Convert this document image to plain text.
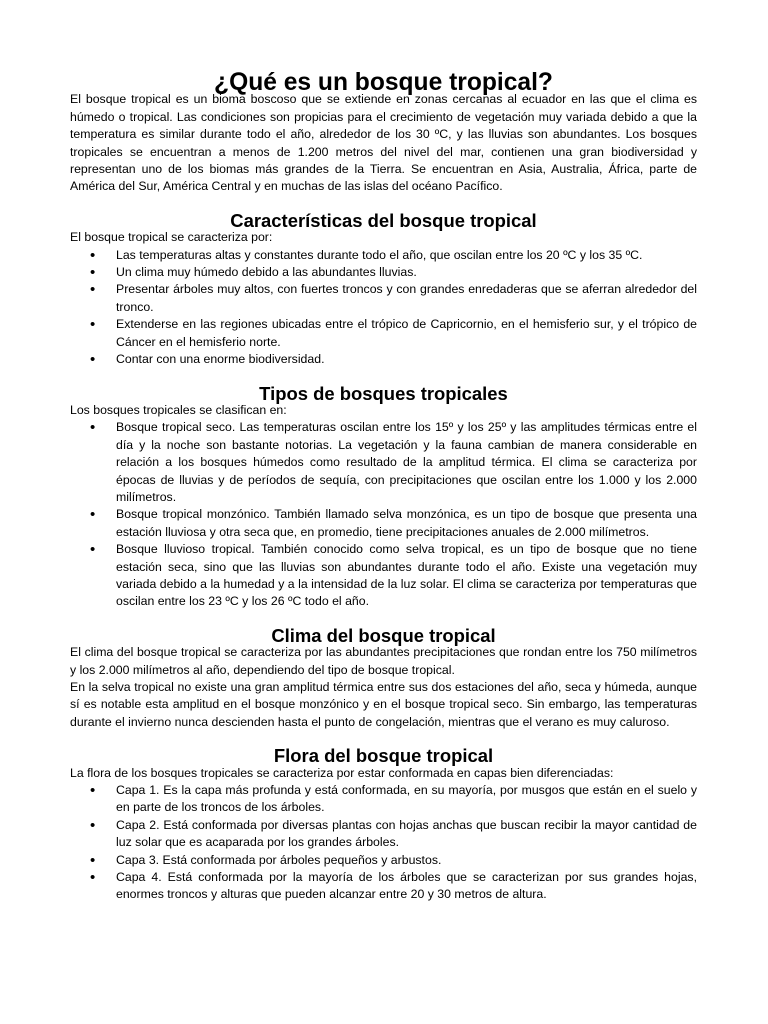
¿Qué es un bosque tropical?

El bosque tropical es un bioma boscoso que se extiende en zonas cercanas al ecuador en las que el clima es húmedo o tropical. Las condiciones son propicias para el crecimiento de vegetación muy variada debido a que la temperatura es similar durante todo el año, alrededor de los 30 ºC, y las lluvias son abundantes. Los bosques tropicales se encuentran a menos de 1.200 metros del nivel del mar, contienen una gran biodiversidad y representan uno de los biomas más grandes de la Tierra. Se encuentran en Asia, Australia, África, parte de América del Sur, América Central y en muchas de las islas del océano Pacífico.

Características del bosque tropical

El bosque tropical se caracteriza por:

•
Las temperaturas altas y constantes durante todo el año, que oscilan entre los 20 ºC y los 35 ºC.
•
Un clima muy húmedo debido a las abundantes lluvias.
•
Presentar árboles muy altos, con fuertes troncos y con grandes enredaderas que se aferran alrededor del tronco.
•
Extenderse en las regiones ubicadas entre el trópico de Capricornio, en el hemisferio sur, y el trópico de Cáncer en el hemisferio norte.
•
Contar con una enorme biodiversidad.
Tipos de bosques tropicales

Los bosques tropicales se clasifican en:

•
Bosque tropical seco. Las temperaturas oscilan entre los 15º y los 25º y las amplitudes térmicas entre el día y la noche son bastante notorias. La vegetación y la fauna cambian de manera considerable en relación a los bosques húmedos como resultado de la amplitud térmica. El clima se caracteriza por épocas de lluvias y de períodos de sequía, con precipitaciones que oscilan entre los 1.000 y los 2.000 milímetros.
•
Bosque tropical monzónico. También llamado selva monzónica, es un tipo de bosque que presenta una estación lluviosa y otra seca que, en promedio, tiene precipitaciones anuales de 2.000 milímetros.
•
Bosque lluvioso tropical. También conocido como selva tropical, es un tipo de bosque que no tiene estación seca, sino que las lluvias son abundantes durante todo el año. Existe una vegetación muy variada debido a la humedad y a la intensidad de la luz solar. El clima se caracteriza por temperaturas que oscilan entre los 23 ºC y los 26 ºC todo el año.
Clima del bosque tropical

El clima del bosque tropical se caracteriza por las abundantes precipitaciones que rondan entre los 750 milímetros y los 2.000 milímetros al año, dependiendo del tipo de bosque tropical.

En la selva tropical no existe una gran amplitud térmica entre sus dos estaciones del año, seca y húmeda, aunque sí es notable esta amplitud en el bosque monzónico y en el bosque tropical seco. Sin embargo, las temperaturas durante el invierno nunca descienden hasta el punto de congelación, mientras que el verano es muy caluroso.

Flora del bosque tropical

La flora de los bosques tropicales se caracteriza por estar conformada en capas bien diferenciadas:

•
Capa 1. Es la capa más profunda y está conformada, en su mayoría, por musgos que están en el suelo y en parte de los troncos de los árboles.
•
Capa 2. Está conformada por diversas plantas con hojas anchas que buscan recibir la mayor cantidad de luz solar que es acaparada por los grandes árboles.
•
Capa 3. Está conformada por árboles pequeños y arbustos.
•
Capa 4. Está conformada por la mayoría de los árboles que se caracterizan por sus grandes hojas, enormes troncos y alturas que pueden alcanzar entre 20 y 30 metros de altura.
